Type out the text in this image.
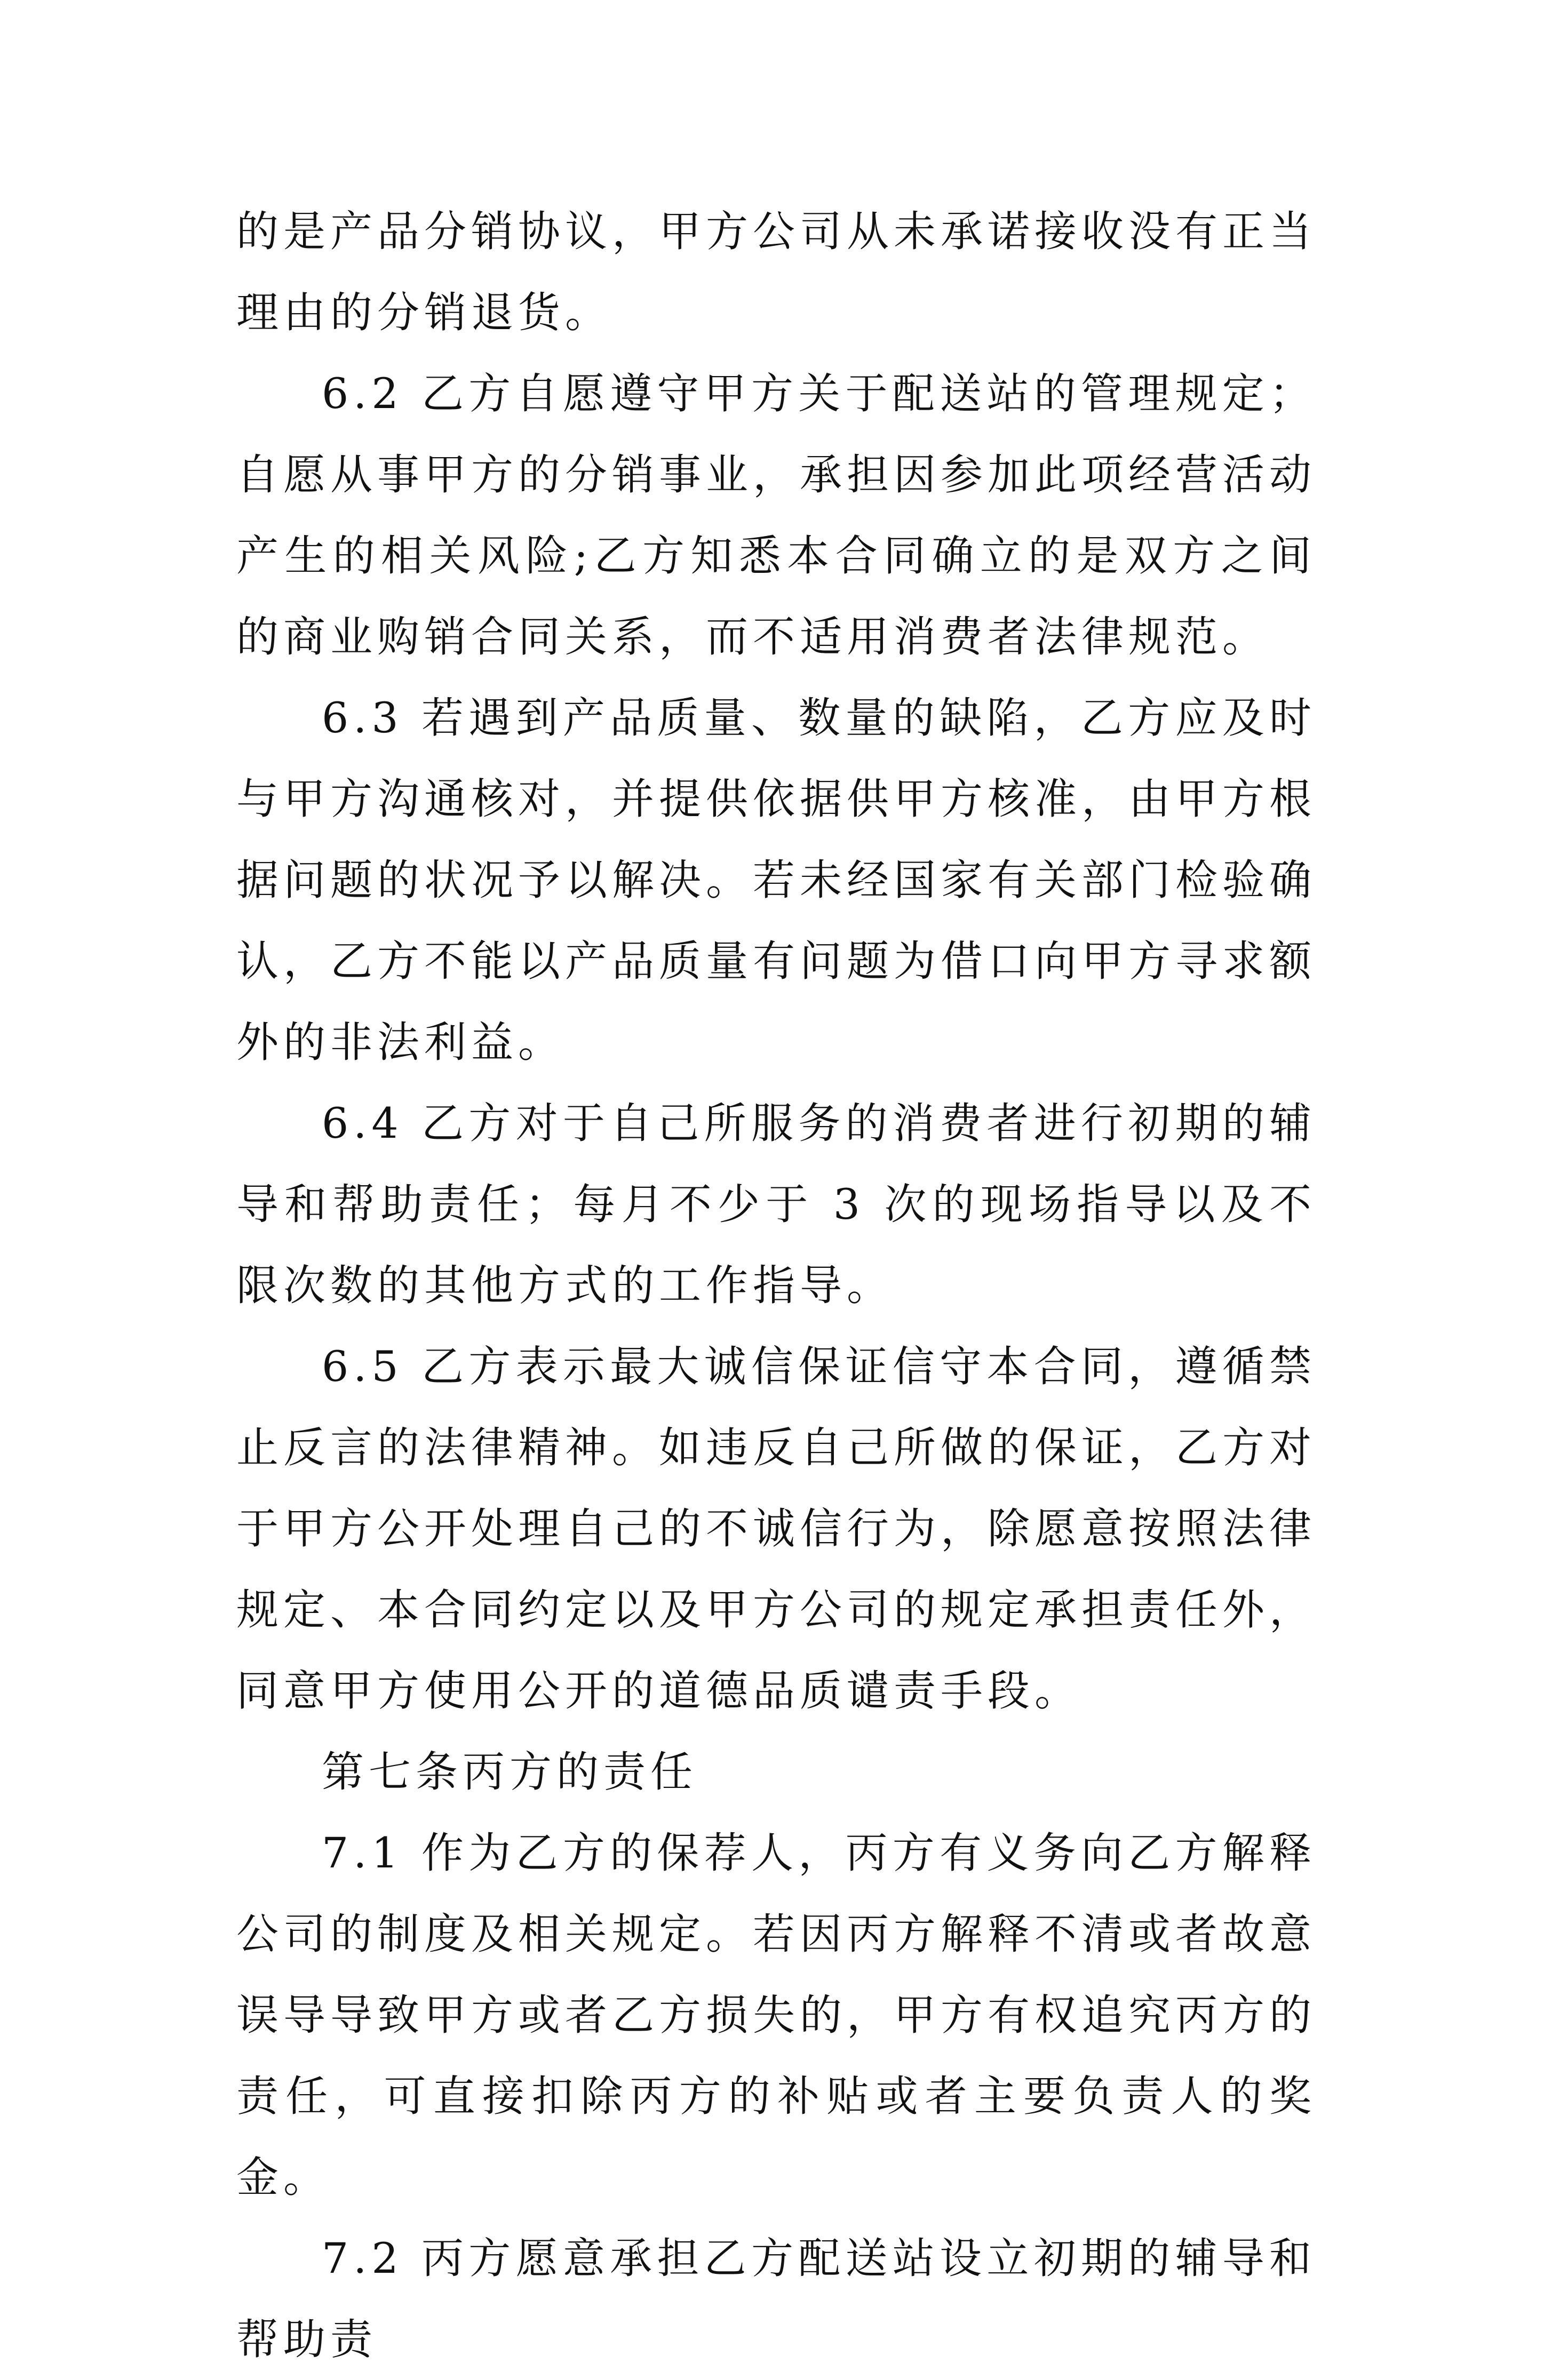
的是产品分销协议，甲方公司从未承诺接收没有正当理由的分销退货。

6.2 乙方自愿遵守甲方关于配送站的管理规定；自愿从事甲方的分销事业，承担因参加此项经营活动产生的相关风险;乙方知悉本合同确立的是双方之间的商业购销合同关系，而不适用消费者法律规范。

6.3 若遇到产品质量、数量的缺陷，乙方应及时与甲方沟通核对，并提供依据供甲方核准，由甲方根据问题的状况予以解决。若未经国家有关部门检验确认，乙方不能以产品质量有问题为借口向甲方寻求额外的非法利益。

6.4 乙方对于自己所服务的消费者进行初期的辅导和帮助责任；每月不少于 3 次的现场指导以及不限次数的其他方式的工作指导。

6.5 乙方表示最大诚信保证信守本合同，遵循禁止反言的法律精神。如违反自己所做的保证，乙方对于甲方公开处理自己的不诚信行为，除愿意按照法律规定、本合同约定以及甲方公司的规定承担责任外，同意甲方使用公开的道德品质谴责手段。

第七条丙方的责任

7.1 作为乙方的保荐人，丙方有义务向乙方解释公司的制度及相关规定。若因丙方解释不清或者故意误导导致甲方或者乙方损失的，甲方有权追究丙方的责任，可直接扣除丙方的补贴或者主要负责人的奖金。

7.2 丙方愿意承担乙方配送站设立初期的辅导和帮助责
